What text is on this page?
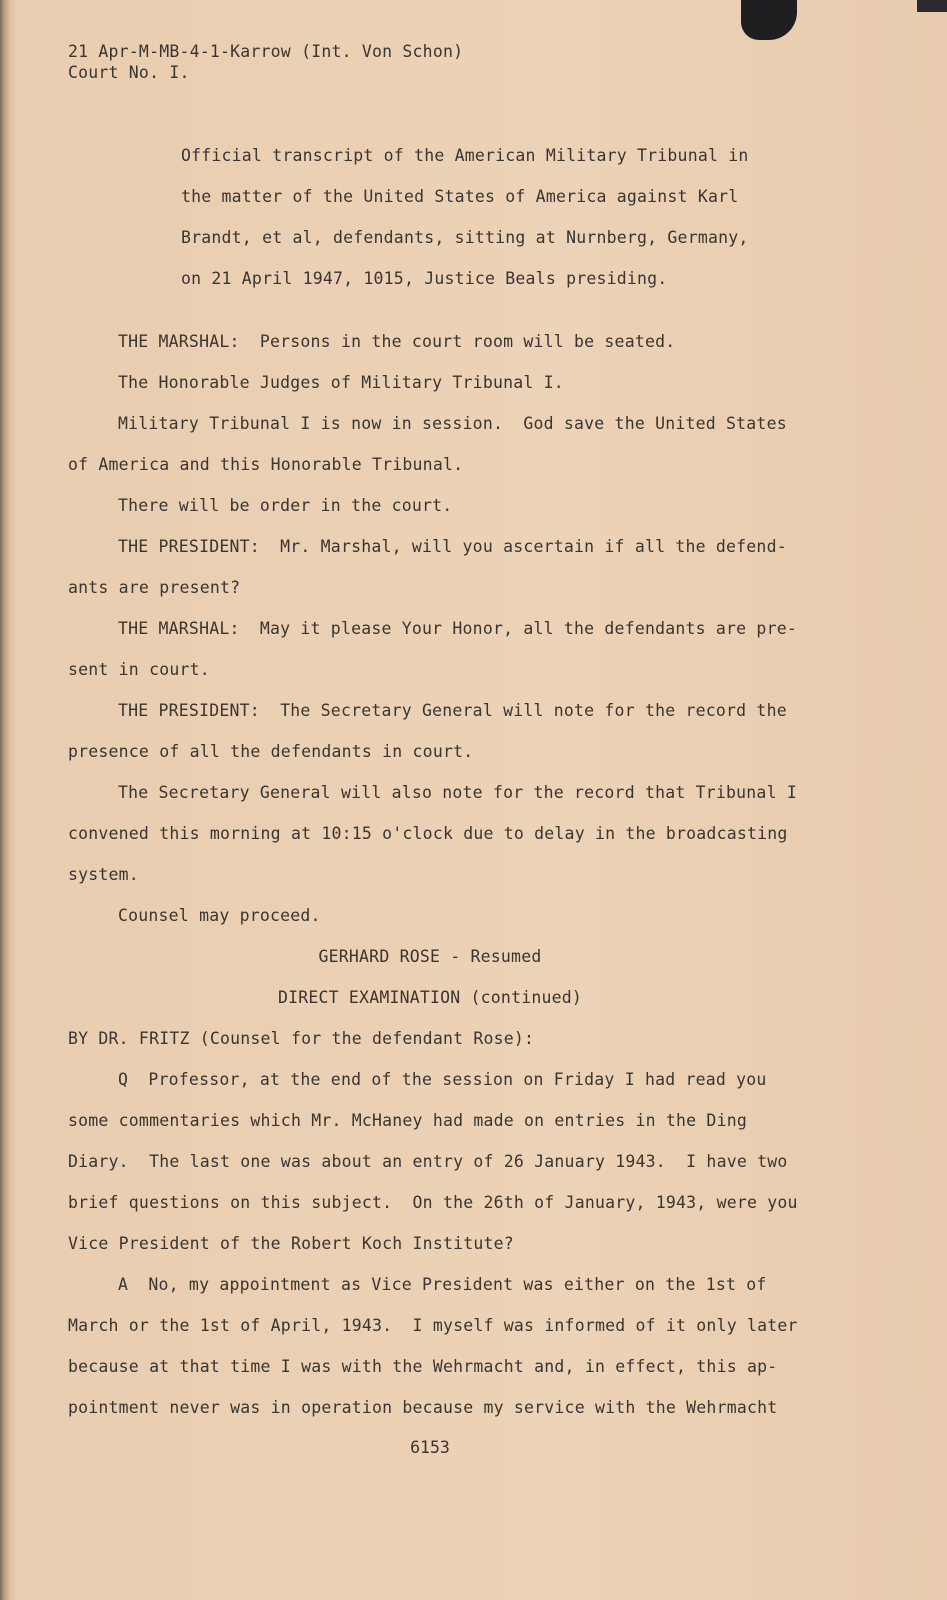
21 Apr-M-MB-4-1-Karrow (Int. Von Schon)
Court No. I.
Official transcript of the American Military Tribunal in
the matter of the United States of America against Karl
Brandt, et al, defendants, sitting at Nurnberg, Germany,
on 21 April 1947, 1015, Justice Beals presiding.
THE MARSHAL:  Persons in the court room will be seated.
The Honorable Judges of Military Tribunal I.
Military Tribunal I is now in session.  God save the United States
of America and this Honorable Tribunal.
There will be order in the court.
THE PRESIDENT:  Mr. Marshal, will you ascertain if all the defend-
ants are present?
THE MARSHAL:  May it please Your Honor, all the defendants are pre-
sent in court.
THE PRESIDENT:  The Secretary General will note for the record the
presence of all the defendants in court.
The Secretary General will also note for the record that Tribunal I
convened this morning at 10:15 o'clock due to delay in the broadcasting
system.
Counsel may proceed.
GERHARD ROSE - Resumed
DIRECT EXAMINATION (continued)
BY DR. FRITZ (Counsel for the defendant Rose):
Q  Professor, at the end of the session on Friday I had read you
some commentaries which Mr. McHaney had made on entries in the Ding
Diary.  The last one was about an entry of 26 January 1943.  I have two
brief questions on this subject.  On the 26th of January, 1943, were you
Vice President of the Robert Koch Institute?
A  No, my appointment as Vice President was either on the 1st of
March or the 1st of April, 1943.  I myself was informed of it only later
because at that time I was with the Wehrmacht and, in effect, this ap-
pointment never was in operation because my service with the Wehrmacht
6153
